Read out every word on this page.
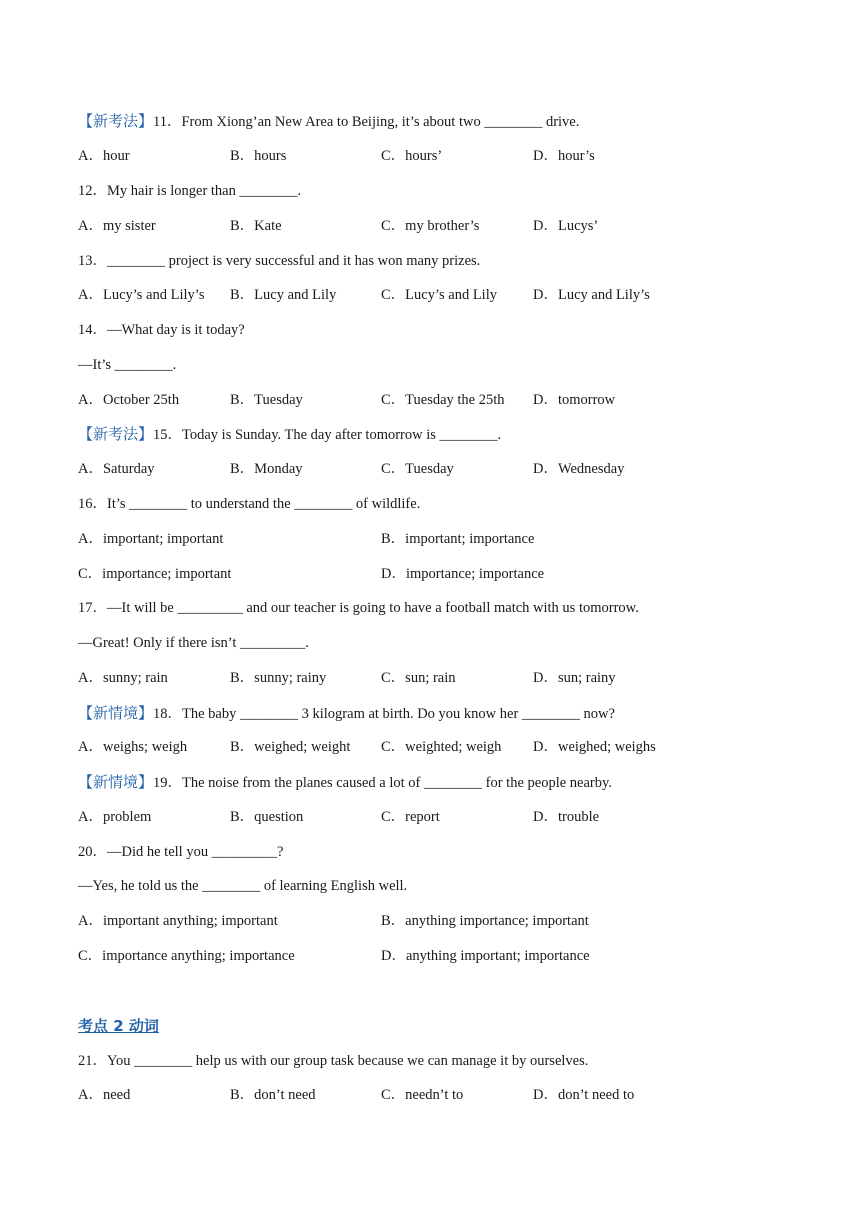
【新考法】11．From Xiong’an New Area to Beijing, it’s about two ________ drive.
A．hour	B．hours	C．hours’	D．hour’s
12．My hair is longer than ________.
A．my sister	B．Kate	C．my brother’s	D．Lucys’
13．________ project is very successful and it has won many prizes.
A．Lucy’s and Lily’s B．Lucy and Lily	C．Lucy’s and Lily D．Lucy and Lily’s
14．—What day is it today?
—It’s ________.
A．October 25th	B．Tuesday	C．Tuesday the 25th D．tomorrow
【新考法】15．Today is Sunday. The day after tomorrow is ________.
A．Saturday	B．Monday	C．Tuesday	D．Wednesday
16．It’s ________ to understand the ________ of wildlife.
A．important; important	B．important; importance
C．importance; important	D．importance; importance
17．—It will be _________ and our teacher is going to have a football match with us tomorrow.
—Great! Only if there isn’t _________.
A．sunny; rain	B．sunny; rainy	C．sun; rain	D．sun; rainy
【新情境】18．The baby ________ 3 kilogram at birth. Do you know her ________ now?
A．weighs; weigh	B．weighed; weight C．weighted; weigh D．weighed; weighs
【新情境】19．The noise from the planes caused a lot of ________ for the people nearby.
A．problem	B．question	C．report	D．trouble
20．—Did he tell you _________?
—Yes, he told us the ________ of learning English well.
A．important anything; important	B．anything importance; important
C．importance anything; importance	D．anything important; importance
考点 2 动词
21．You ________ help us with our group task because we can manage it by ourselves.
A．need	B．don’t need	C．needn’t to	D．don’t need to
